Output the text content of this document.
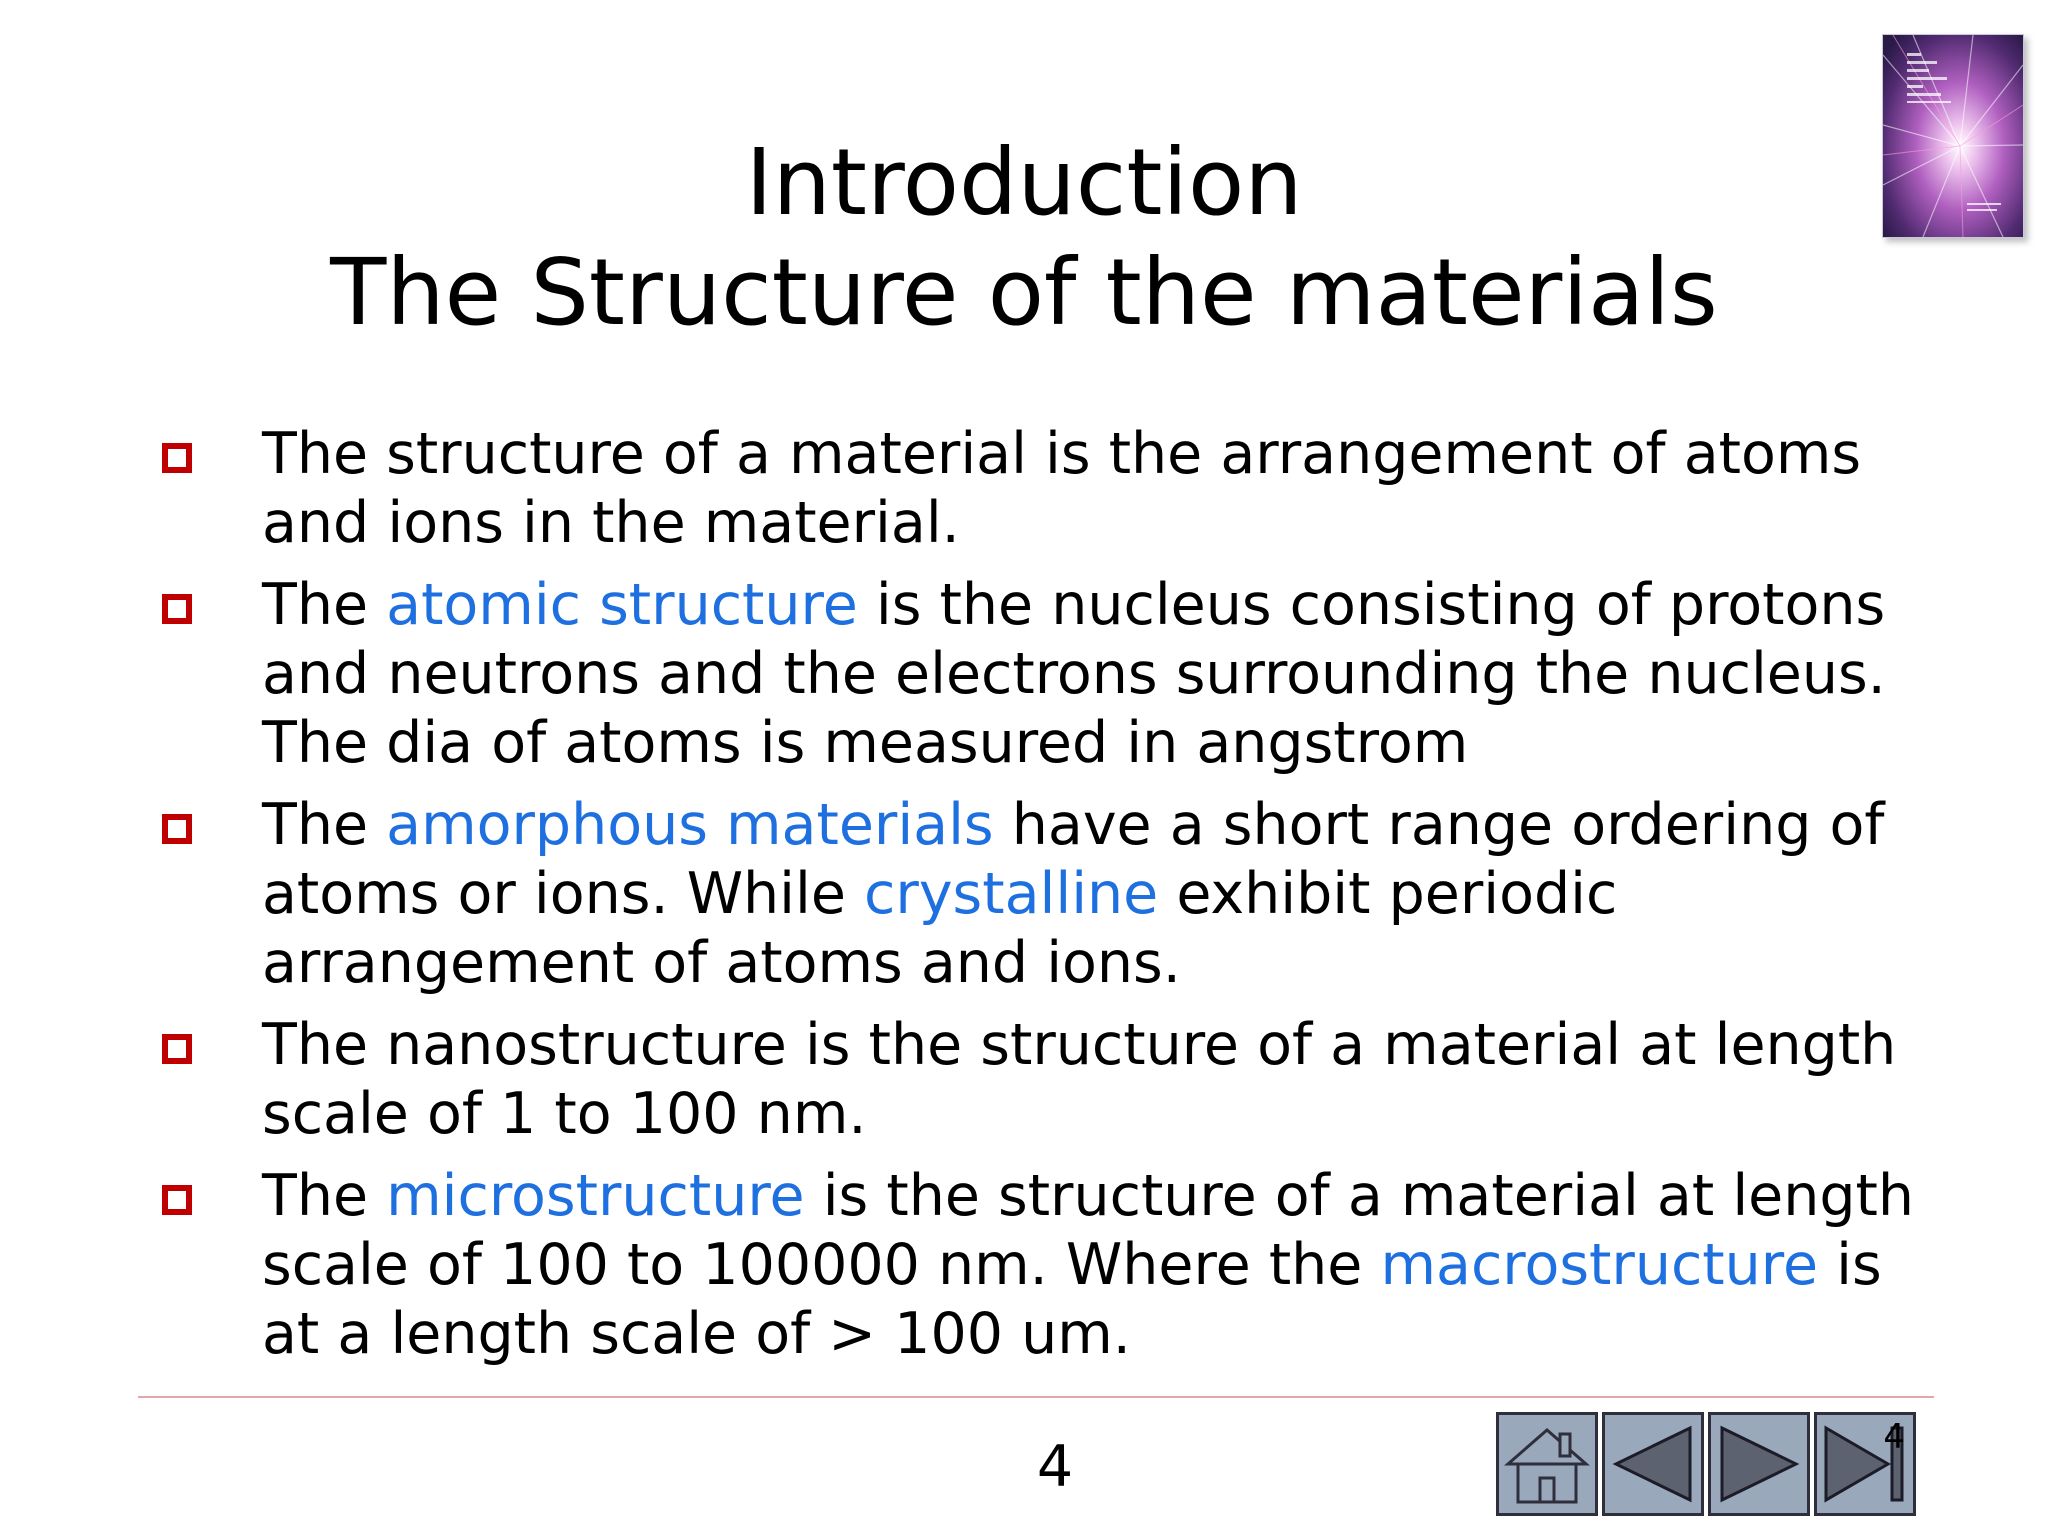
Introduction
The Structure of the materials
The structure of a material is the arrangement of atoms and ions in the material.
The atomic structure is the nucleus consisting of protons and neutrons and the electrons surrounding the nucleus. The dia of atoms is measured in angstrom
The amorphous materials have a short range ordering of atoms or ions. While crystalline exhibit periodic arrangement of atoms and ions.
The nanostructure is the structure of a material at length scale of 1 to 100 nm.
The microstructure is the structure of a material at length scale of 100 to 100000 nm. Where the macrostructure is at a length scale of > 100 um.
4	4
